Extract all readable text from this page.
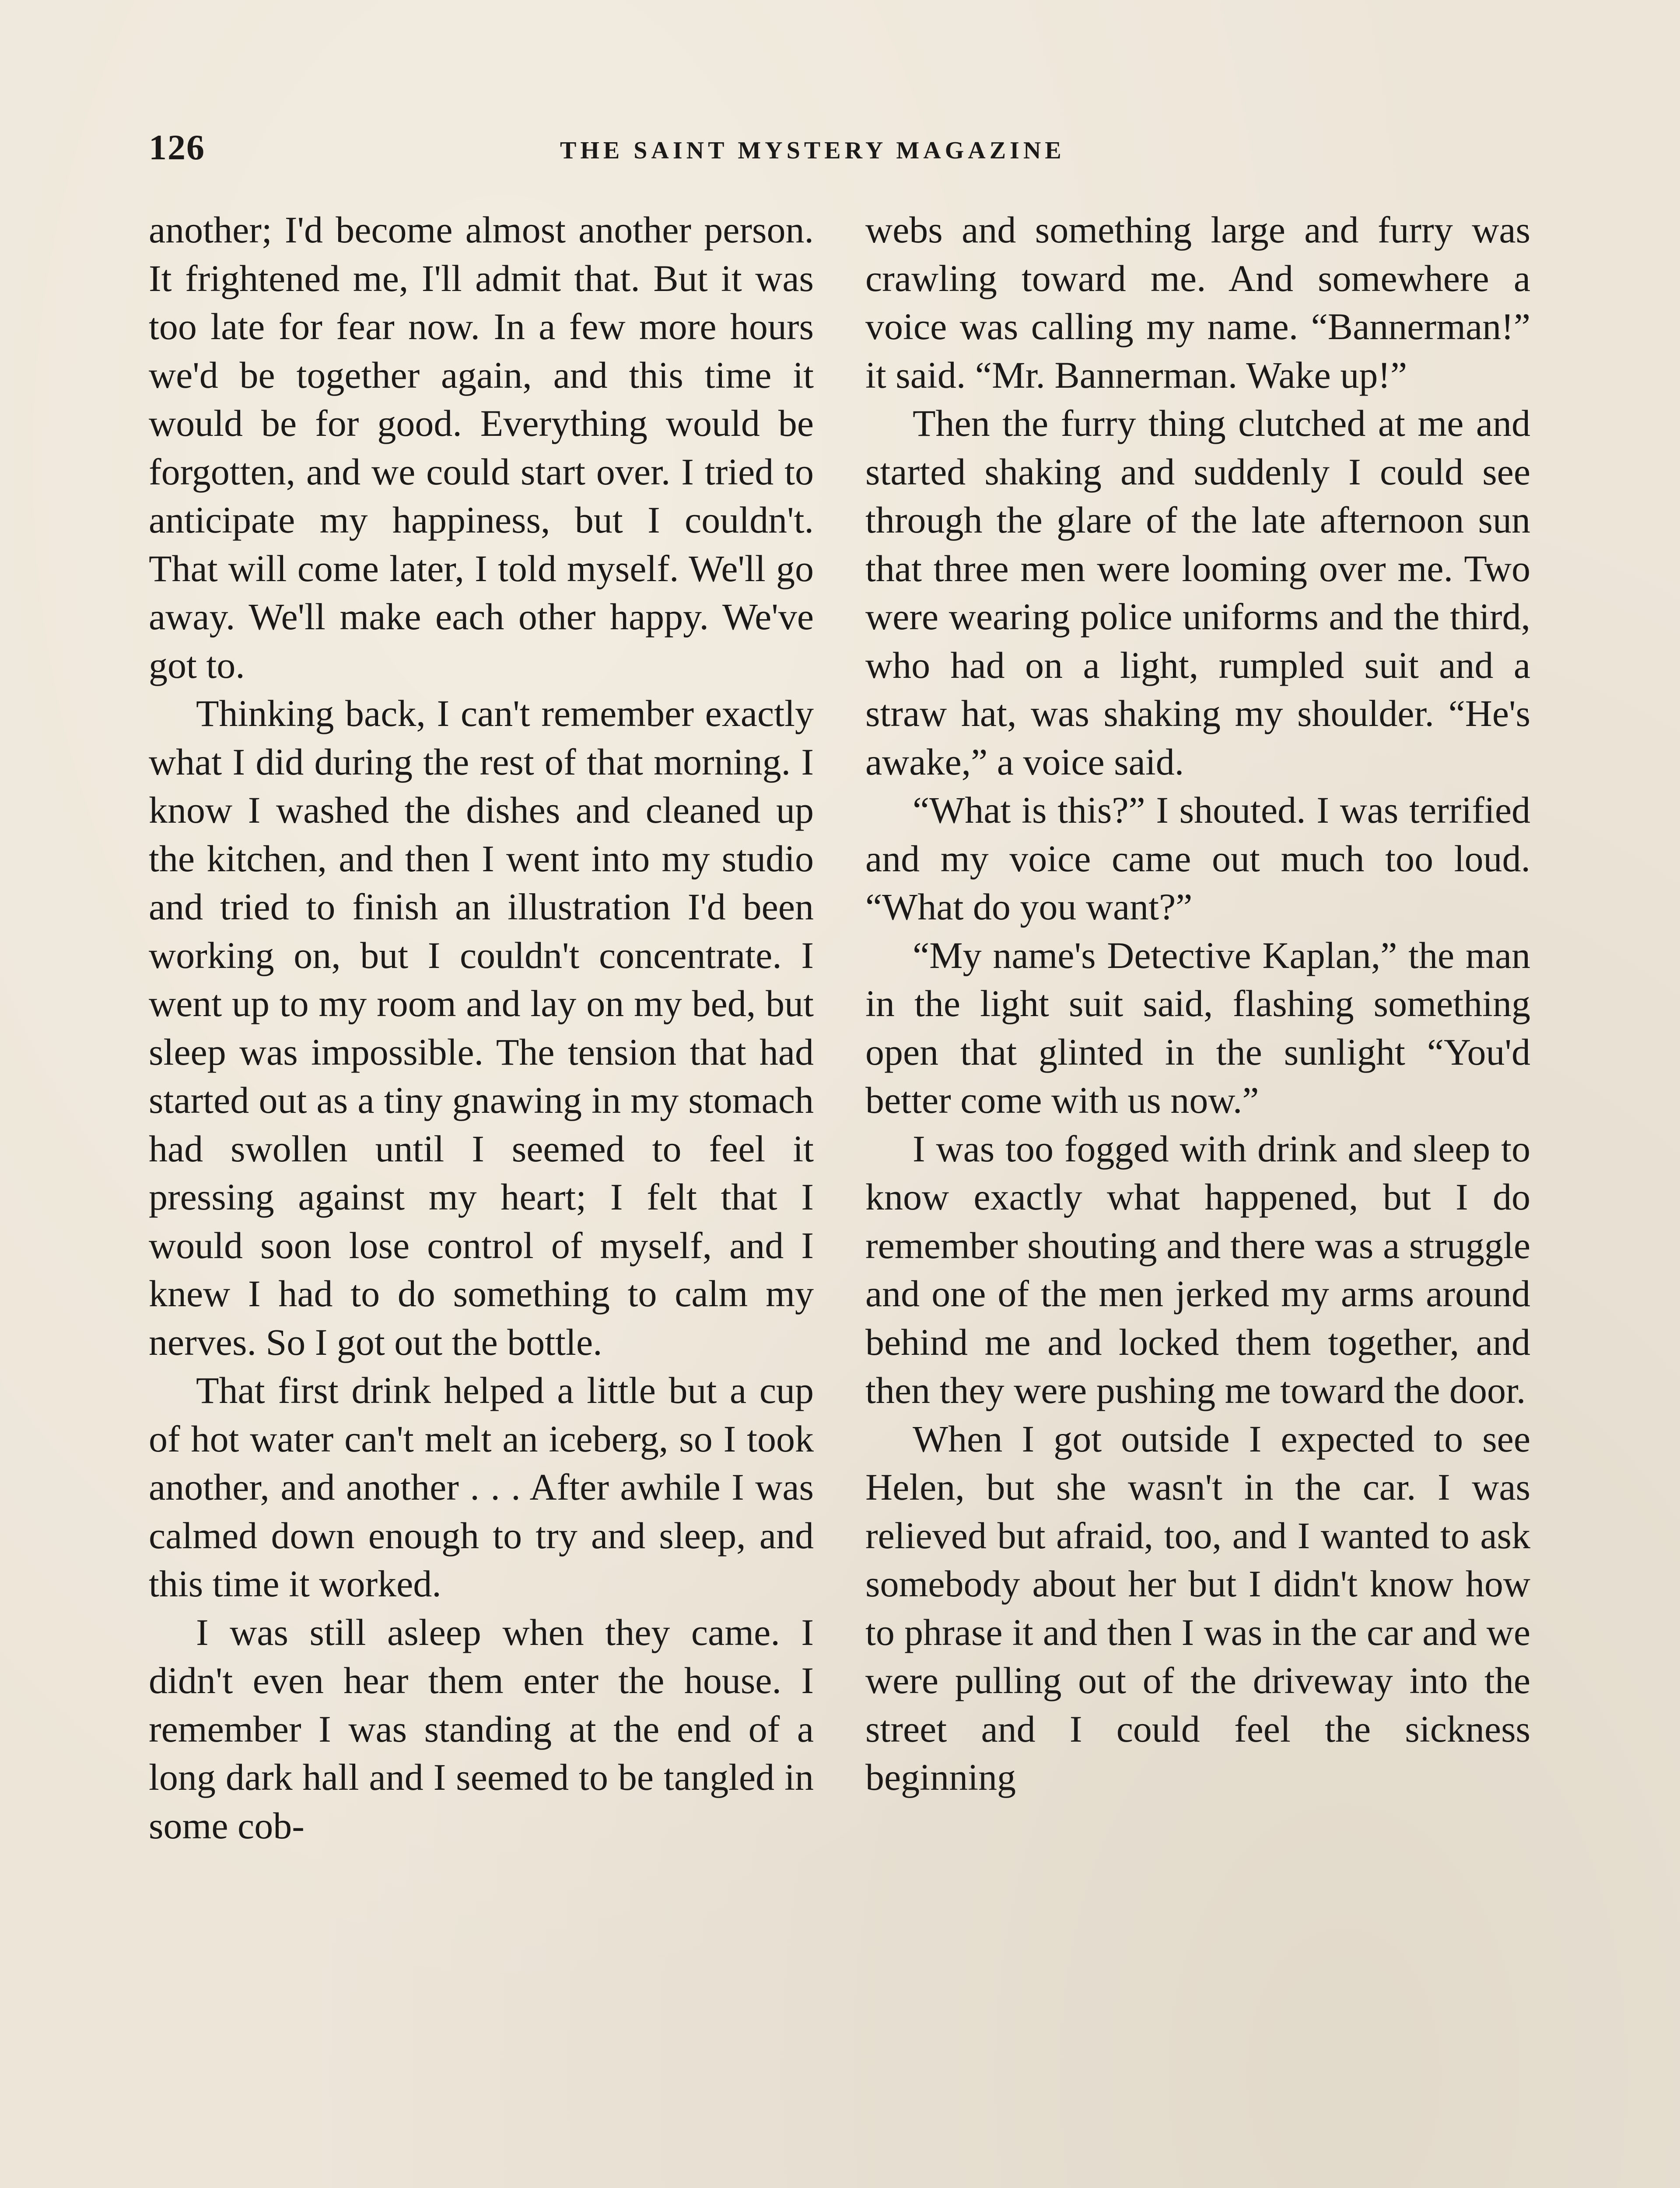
126	THE SAINT MYSTERY MAGAZINE

another; I'd become almost another person. It frightened me, I'll admit that. But it was too late for fear now. In a few more hours we'd be together again, and this time it would be for good. Everything would be forgotten, and we could start over. I tried to anticipate my happiness, but I couldn't. That will come later, I told myself. We'll go away. We'll make each other happy. We've got to.

Thinking back, I can't remember exactly what I did during the rest of that morning. I know I washed the dishes and cleaned up the kitchen, and then I went into my studio and tried to finish an illustration I'd been working on, but I couldn't concentrate. I went up to my room and lay on my bed, but sleep was impossible. The tension that had started out as a tiny gnawing in my stomach had swollen until I seemed to feel it pressing against my heart; I felt that I would soon lose control of myself, and I knew I had to do something to calm my nerves. So I got out the bottle.

That first drink helped a little but a cup of hot water can't melt an iceberg, so I took another, and another . . . After awhile I was calmed down enough to try and sleep, and this time it worked.

I was still asleep when they came. I didn't even hear them enter the house. I remember I was standing at the end of a long dark hall and I seemed to be tangled in some cob-

webs and something large and furry was crawling toward me. And somewhere a voice was calling my name. “Bannerman!” it said. “Mr. Bannerman. Wake up!”

Then the furry thing clutched at me and started shaking and suddenly I could see through the glare of the late afternoon sun that three men were looming over me. Two were wearing police uniforms and the third, who had on a light, rumpled suit and a straw hat, was shaking my shoulder. “He's awake,” a voice said.

“What is this?” I shouted. I was terrified and my voice came out much too loud. “What do you want?”

“My name's Detective Kaplan,” the man in the light suit said, flashing something open that glinted in the sunlight “You'd better come with us now.”

I was too fogged with drink and sleep to know exactly what happened, but I do remember shouting and there was a struggle and one of the men jerked my arms around behind me and locked them together, and then they were pushing me toward the door.

When I got outside I expected to see Helen, but she wasn't in the car. I was relieved but afraid, too, and I wanted to ask somebody about her but I didn't know how to phrase it and then I was in the car and we were pulling out of the driveway into the street and I could feel the sickness beginning
